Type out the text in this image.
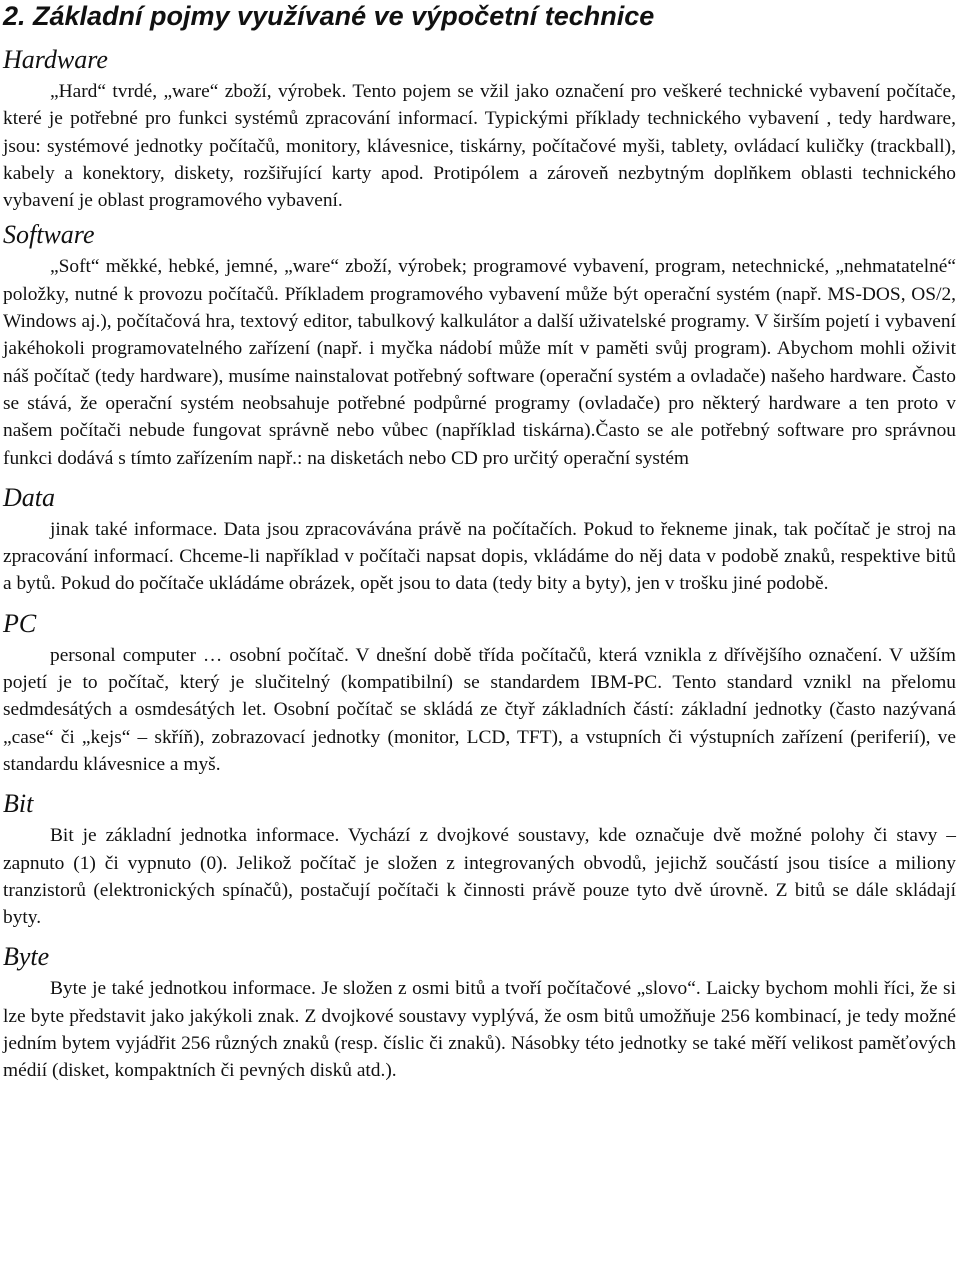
2. Základní pojmy využívané ve výpočetní technice
Hardware

„Hard“ tvrdé, „ware“ zboží, výrobek. Tento pojem se vžil jako označení pro veškeré technické vybavení počítače, které je potřebné pro funkci systémů zpracování informací. Typickými příklady technického vybavení , tedy hardware, jsou: systémové jednotky počítačů, monitory, klávesnice, tiskárny, počítačové myši, tablety, ovládací kuličky (trackball), kabely a konektory, diskety, rozšiřující karty apod. Protipólem a zároveň nezbytným doplňkem oblasti technického vybavení je oblast programového vybavení.

Software

„Soft“ měkké, hebké, jemné, „ware“ zboží, výrobek; programové vybavení, program, netechnické, „nehmatatelné“ položky, nutné k provozu počítačů. Příkladem programového vybavení může být operační systém (např. MS-DOS, OS/2, Windows aj.), počítačová hra, textový editor, tabulkový kalkulátor a další uživatelské programy. V širším pojetí i vybavení jakéhokoli programovatelného zařízení (např. i myčka nádobí může mít v paměti svůj program). Abychom mohli oživit náš počítač (tedy hardware), musíme nainstalovat potřebný software (operační systém a ovladače) našeho hardware. Často se stává, že operační systém neobsahuje potřebné podpůrné programy (ovladače) pro některý hardware a ten proto v našem počítači nebude fungovat správně nebo vůbec (například tiskárna).Často se ale potřebný software pro správnou funkci dodává s tímto zařízením např.: na disketách nebo CD pro určitý operační systém

Data

jinak také informace. Data jsou zpracovávána právě na počítačích. Pokud to řekneme jinak, tak počítač je stroj na zpracování informací. Chceme-li například v počítači napsat dopis, vkládáme do něj data v podobě znaků, respektive bitů a bytů. Pokud do počítače ukládáme obrázek, opět jsou to data (tedy bity a byty), jen v trošku jiné podobě.

PC

personal computer … osobní počítač. V dnešní době třída počítačů, která vznikla z dřívějšího označení. V užším pojetí je to počítač, který je slučitelný (kompatibilní) se standardem IBM-PC. Tento standard vznikl na přelomu sedmdesátých a osmdesátých let. Osobní počítač se skládá ze čtyř základních částí: základní jednotky (často nazývaná „case“ či „kejs“ – skříň), zobrazovací jednotky (monitor, LCD, TFT), a vstupních či výstupních zařízení (periferií), ve standardu klávesnice a myš.

Bit

Bit je základní jednotka informace. Vychází z dvojkové soustavy, kde označuje dvě možné polohy či stavy – zapnuto (1) či vypnuto (0). Jelikož počítač je složen z integrovaných obvodů, jejichž součástí jsou tisíce a miliony tranzistorů (elektronických spínačů), postačují počítači k činnosti právě pouze tyto dvě úrovně. Z bitů se dále skládají byty.

Byte

Byte je také jednotkou informace. Je složen z osmi bitů a tvoří počítačové „slovo“. Laicky bychom mohli říci, že si lze byte představit jako jakýkoli znak. Z dvojkové soustavy vyplývá, že osm bitů umožňuje 256 kombinací, je tedy možné jedním bytem vyjádřit 256 různých znaků (resp. číslic či znaků). Násobky této jednotky se také měří velikost paměťových médií (disket, kompaktních či pevných disků atd.).
